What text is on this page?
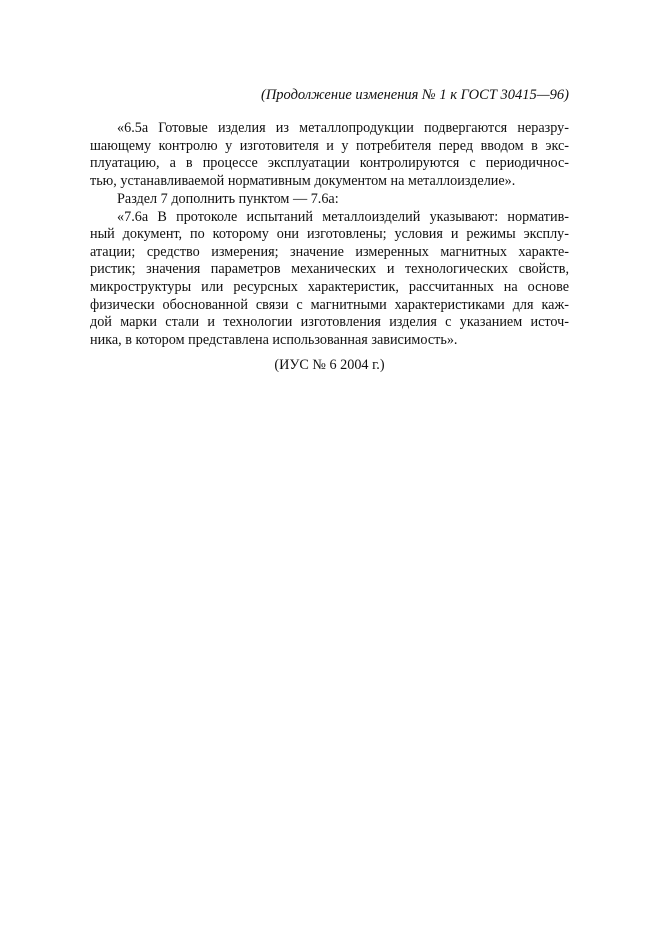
(Продолжение изменения № 1 к ГОСТ 30415—96)
«6.5а Готовые изделия из металлопродукции подвергаются неразру-
шающему контролю у изготовителя и у потребителя перед вводом в экс-
плуатацию, а в процессе эксплуатации контролируются с периодичнос-
тью, устанавливаемой нормативным документом на металлоизделие».
Раздел 7 дополнить пунктом — 7.6а:
«7.6а В протоколе испытаний металлоизделий указывают: норматив-
ный документ, по которому они изготовлены; условия и режимы эксплу-
атации; средство измерения; значение измеренных магнитных характе-
ристик; значения параметров механических и технологических свойств,
микроструктуры или ресурсных характеристик, рассчитанных на основе
физически обоснованной связи с магнитными характеристиками для каж-
дой марки стали и технологии изготовления изделия с указанием источ-
ника, в котором представлена использованная зависимость».
(ИУС № 6 2004 г.)
